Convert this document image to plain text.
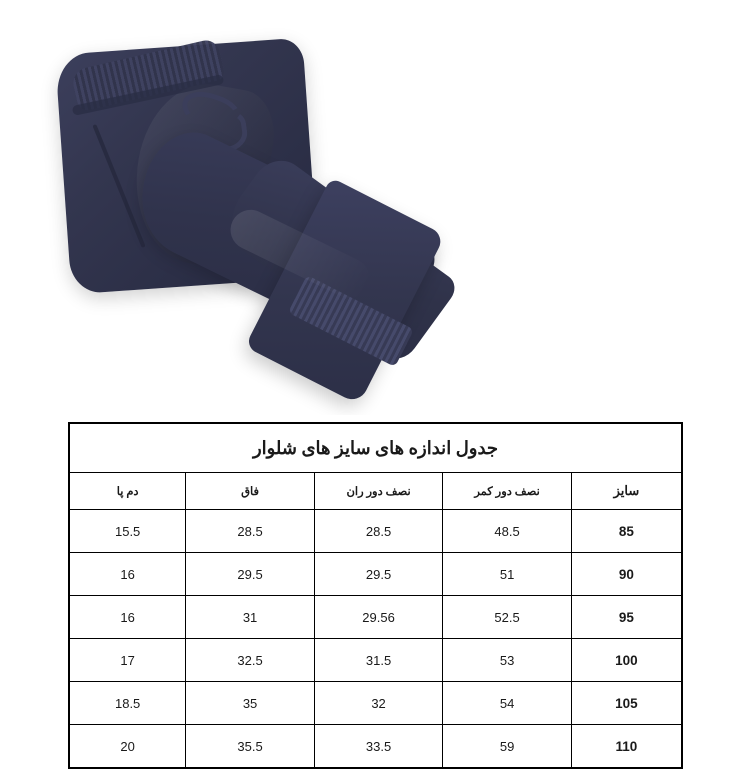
جدول اندازه های سایز های شلوار				
سایز	نصف دور کمر	نصف دور ران	فاق	دم پا
85	48.5	28.5	28.5	15.5
90	51	29.5	29.5	16
95	52.5	29.56	31	16
100	53	31.5	32.5	17
105	54	32	35	18.5
110	59	33.5	35.5	20
